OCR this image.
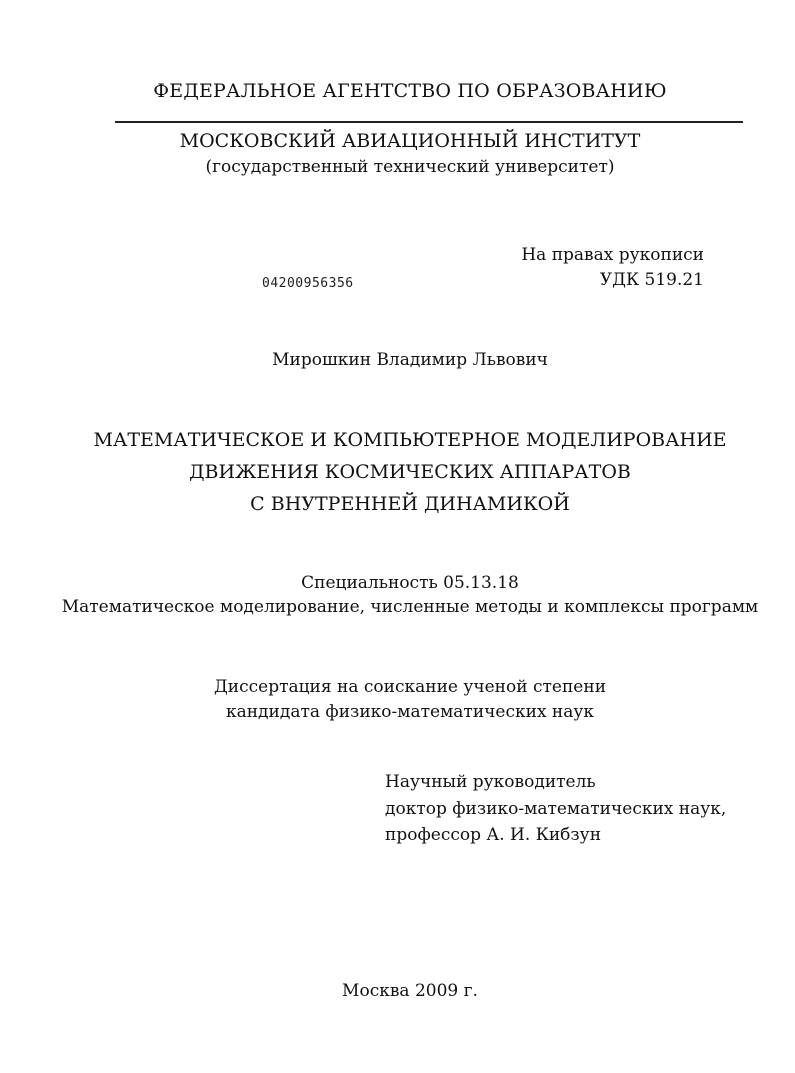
ФЕДЕРАЛЬНОЕ АГЕНТСТВО ПО ОБРАЗОВАНИЮ
МОСКОВСКИЙ АВИАЦИОННЫЙ ИНСТИТУТ
(государственный технический университет)
На правах рукописи
04200956356	УДК 519.21
Мирошкин Владимир Львович
МАТЕМАТИЧЕСКОЕ И КОМПЬЮТЕРНОЕ МОДЕЛИРОВАНИЕ
ДВИЖЕНИЯ КОСМИЧЕСКИХ АППАРАТОВ
С ВНУТРЕННЕЙ ДИНАМИКОЙ
Специальность 05.13.18
Математическое моделирование, численные методы и комплексы программ
Диссертация на соискание ученой степени
кандидата физико-математических наук
Научный руководитель
доктор физико-математических наук,
профессор А. И. Кибзун
Москва 2009 г.
